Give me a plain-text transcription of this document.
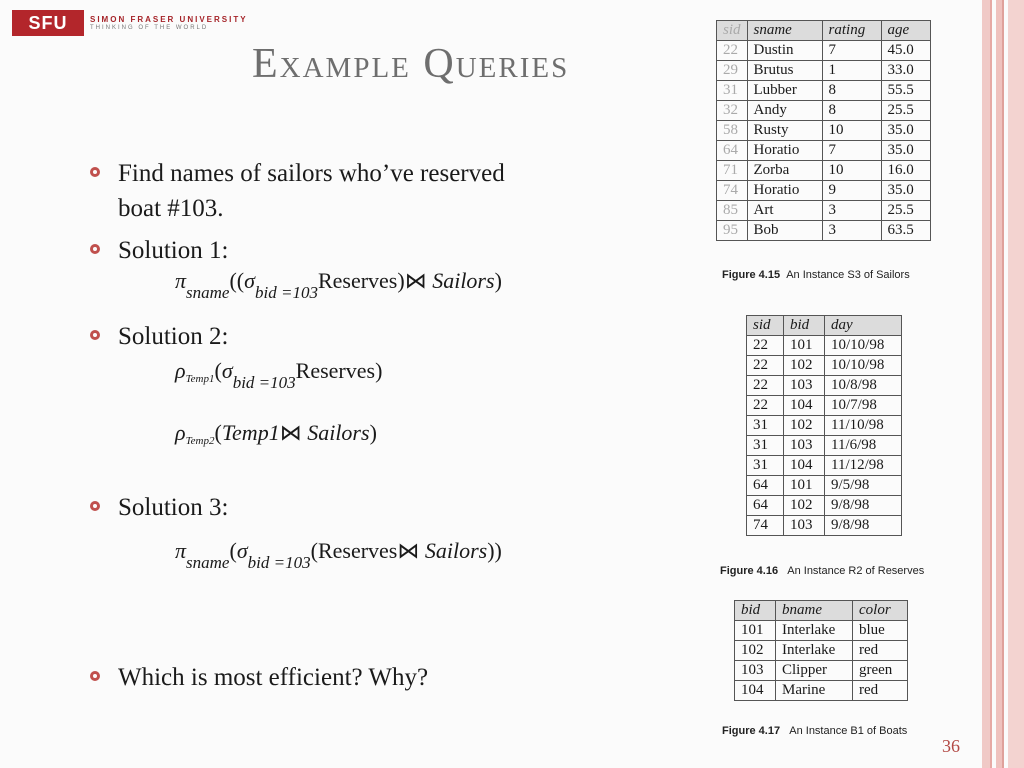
SFU	SIMON FRASER UNIVERSITY
THINKING OF THE WORLD
Example Queries
Find names of sailors who’ve reserved
boat #103.
Solution 1:
Solution 2:
Solution 3:
Which is most efficient? Why?
$\pi_{sname}((\sigma_{bid =103}Reserves)⋈$ Sailors)
$\rho Temp1(\sigma_{bid =103}Reserves)$
ρTemp2(Temp1⋈ Sailors)
$\pi_{sname}(\sigma_{bid =103}(Reserves⋈$ Sailors))
sid	sname	rating	age
22	Dustin	7	45.0
29	Brutus	1	33.0
31	Lubber	8	55.5
32	Andy	8	25.5
58	Rusty	10	35.0
64	Horatio	7	35.0
71	Zorba	10	16.0
74	Horatio	9	35.0
85	Art	3	25.5
95	Bob	3	63.5
Figure 4.15 An Instance S3 of Sailors
sid	bid	day
22	101	10/10/98
22	102	10/10/98
22	103	10/8/98
22	104	10/7/98
31	102	11/10/98
31	103	11/6/98
31	104	11/12/98
64	101	9/5/98
64	102	9/8/98
74	103	9/8/98
Figure 4.16 An Instance R2 of Reserves
bid	bname	color
101	Interlake	blue
102	Interlake	red
103	Clipper	green
104	Marine	red
Figure 4.17 An Instance B1 of Boats
36
